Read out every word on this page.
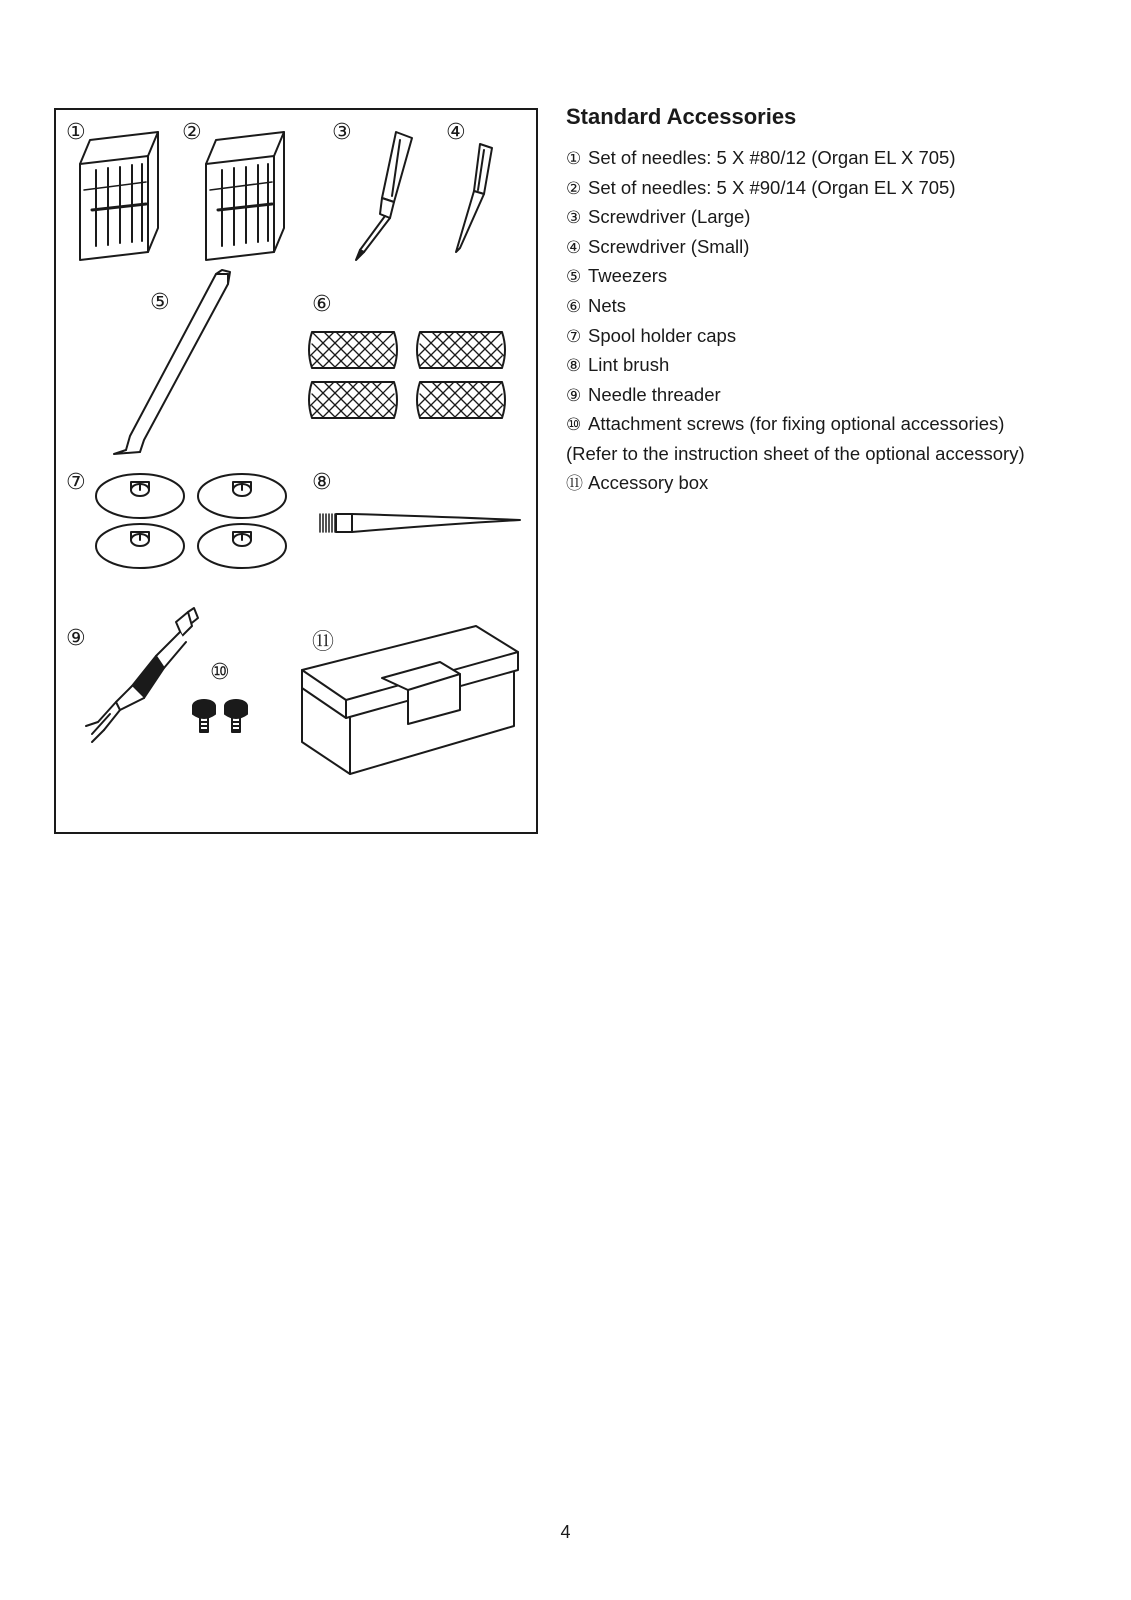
①	②	③	④
⑤	⑥
⑦	⑧
⑨
⑩
⑪
Standard Accessories
① Set of needles: 5 X #80/12 (Organ EL X 705)
② Set of needles: 5 X #90/14 (Organ EL X 705)
③ Screwdriver (Large)
④ Screwdriver (Small)
⑤ Tweezers
⑥ Nets
⑦ Spool holder caps
⑧ Lint brush
⑨ Needle threader
⑩ Attachment screws (for fixing optional accessories)
(Refer to the instruction sheet of the optional accessory)
⑪ Accessory box
4
